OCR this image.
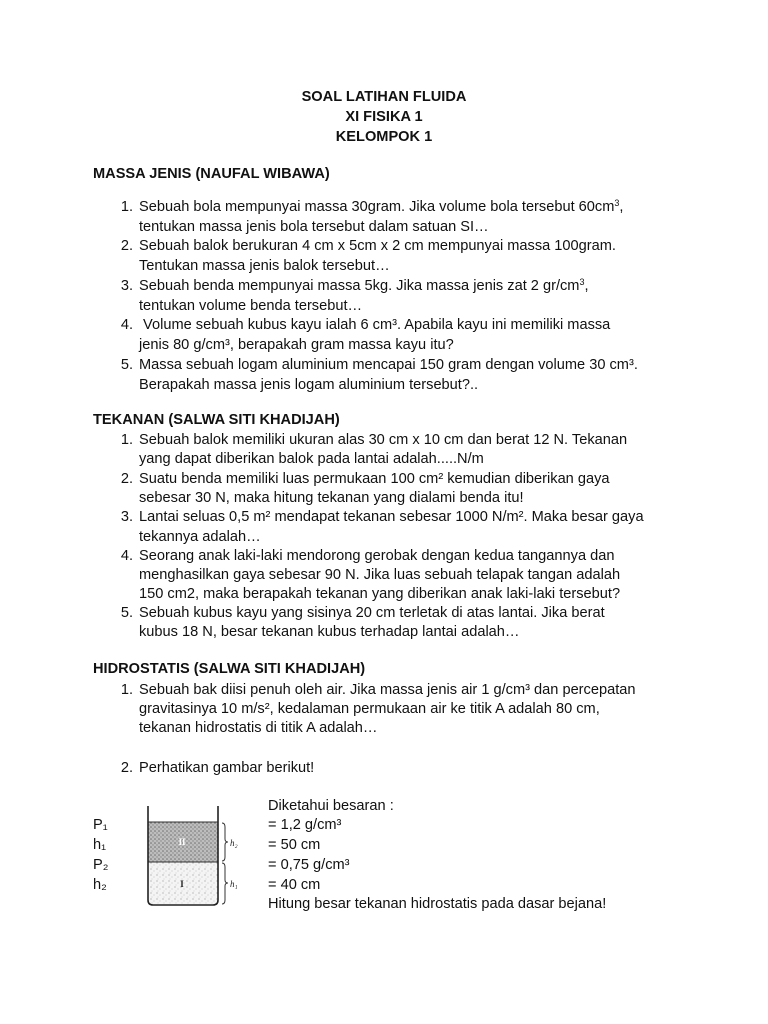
SOAL LATIHAN FLUIDA
XI FISIKA 1
KELOMPOK 1
MASSA JENIS (NAUFAL WIBAWA)
1. Sebuah bola mempunyai massa 30gram. Jika volume bola tersebut $60cm^3$,
tentukan massa jenis bola tersebut dalam satuan SI…
2. Sebuah balok berukuran 4 cm x 5cm x 2 cm mempunyai massa 100gram.
Tentukan massa jenis balok tersebut…
3. Sebuah benda mempunyai massa 5kg. Jika massa jenis zat 2 $gr/cm^3$,
tentukan volume benda tersebut…
4. Volume sebuah kubus kayu ialah 6 cm³. Apabila kayu ini memiliki massa
jenis 80 g/cm³, berapakah gram massa kayu itu?
5. Massa sebuah logam aluminium mencapai 150 gram dengan volume 30 cm³.
Berapakah massa jenis logam aluminium tersebut?..
TEKANAN (SALWA SITI KHADIJAH)
1. Sebuah balok memiliki ukuran alas 30 cm x 10 cm dan berat 12 N. Tekanan
yang dapat diberikan balok pada lantai adalah.....N/m
2. Suatu benda memiliki luas permukaan 100 cm² kemudian diberikan gaya
sebesar 30 N, maka hitung tekanan yang dialami benda itu!
3. Lantai seluas 0,5 m² mendapat tekanan sebesar 1000 N/m². Maka besar gaya
tekannya adalah…
4. Seorang anak laki-laki mendorong gerobak dengan kedua tangannya dan
menghasilkan gaya sebesar 90 N. Jika luas sebuah telapak tangan adalah
150 cm2, maka berapakah tekanan yang diberikan anak laki-laki tersebut?
5. Sebuah kubus kayu yang sisinya 20 cm terletak di atas lantai. Jika berat
kubus 18 N, besar tekanan kubus terhadap lantai adalah…
HIDROSTATIS (SALWA SITI KHADIJAH)
1. Sebuah bak diisi penuh oleh air. Jika massa jenis air 1 g/cm³ dan percepatan
gravitasinya 10 m/s², kedalaman permukaan air ke titik A adalah 80 cm,
tekanan hidrostatis di titik A adalah…
2. Perhatikan gambar berikut!
P₁
h₁
P₂
h₂
Diketahui besaran :
= 1,2 g/cm³
= 50 cm
= 0,75 g/cm³
= 40 cm
Hitung besar tekanan hidrostatis pada dasar bejana!
II
I
h₂
h₁
